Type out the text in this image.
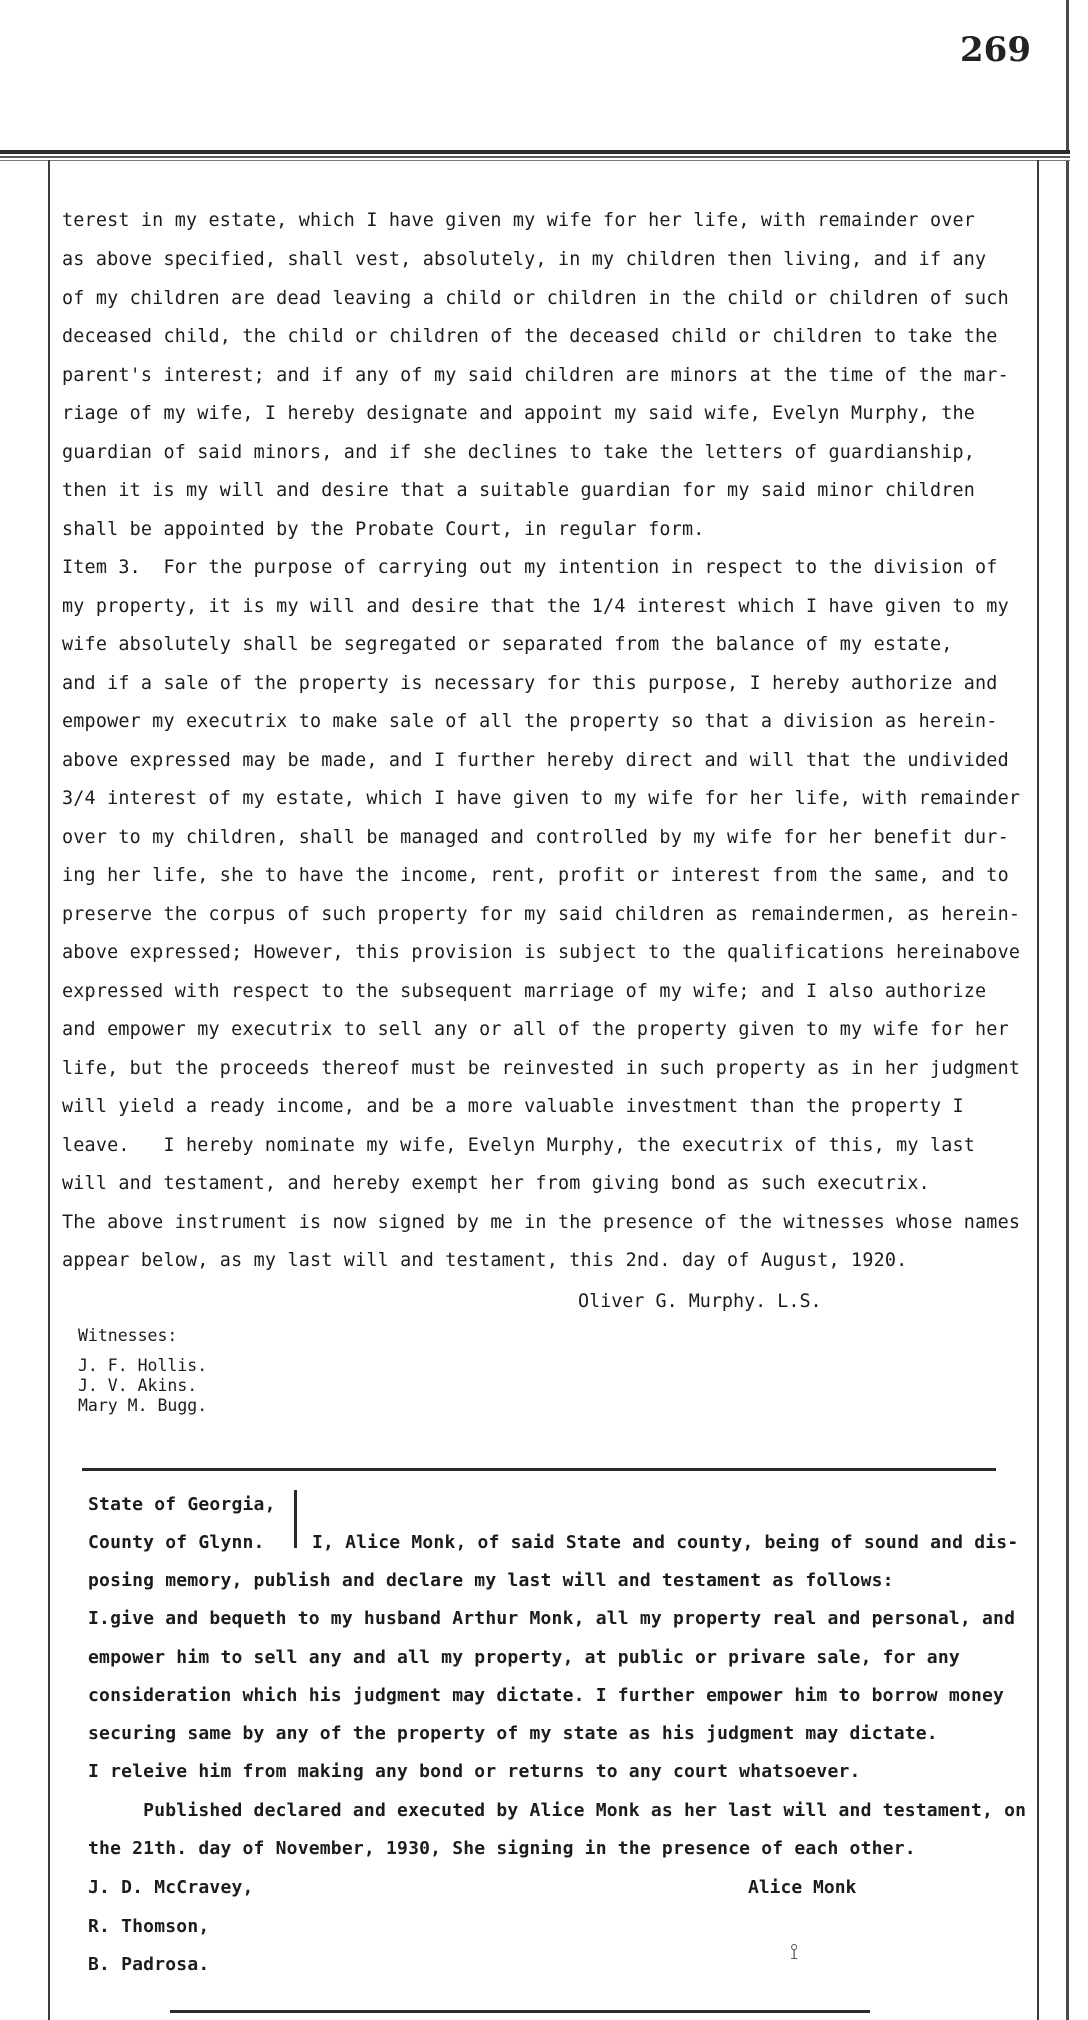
269
terest in my estate, which I have given my wife for her life, with remainder over
as above specified, shall vest, absolutely, in my children then living, and if any
of my children are dead leaving a child or children in the child or children of such
deceased child, the child or children of the deceased child or children to take the
parent's interest; and if any of my said children are minors at the time of the mar-
riage of my wife, I hereby designate and appoint my said wife, Evelyn Murphy, the
guardian of said minors, and if she declines to take the letters of guardianship,
then it is my will and desire that a suitable guardian for my said minor children
shall be appointed by the Probate Court, in regular form.
Item 3.  For the purpose of carrying out my intention in respect to the division of
my property, it is my will and desire that the 1/4 interest which I have given to my
wife absolutely shall be segregated or separated from the balance of my estate,
and if a sale of the property is necessary for this purpose, I hereby authorize and
empower my executrix to make sale of all the property so that a division as herein-
above expressed may be made, and I further hereby direct and will that the undivided
3/4 interest of my estate, which I have given to my wife for her life, with remainder
over to my children, shall be managed and controlled by my wife for her benefit dur-
ing her life, she to have the income, rent, profit or interest from the same, and to
preserve the corpus of such property for my said children as remaindermen, as herein-
above expressed; However, this provision is subject to the qualifications hereinabove
expressed with respect to the subsequent marriage of my wife; and I also authorize
and empower my executrix to sell any or all of the property given to my wife for her
life, but the proceeds thereof must be reinvested in such property as in her judgment
will yield a ready income, and be a more valuable investment than the property I
leave.   I hereby nominate my wife, Evelyn Murphy, the executrix of this, my last
will and testament, and hereby exempt her from giving bond as such executrix.
The above instrument is now signed by me in the presence of the witnesses whose names
appear below, as my last will and testament, this 2nd. day of August, 1920.
Oliver G. Murphy. L.S.
Witnesses:
J. F. Hollis.
J. V. Akins.
Mary M. Bugg.
State of Georgia,
County of Glynn.	I, Alice Monk, of said State and county, being of sound and dis-
posing memory, publish and declare my last will and testament as follows:
I.give and bequeth to my husband Arthur Monk, all my property real and personal, and
empower him to sell any and all my property, at public or privare sale, for any
consideration which his judgment may dictate. I further empower him to borrow money
securing same by any of the property of my state as his judgment may dictate.
I releive him from making any bond or returns to any court whatsoever.
Published declared and executed by Alice Monk as her last will and testament, on
the 21th. day of November, 1930, She signing in the presence of each other.
J. D. McCravey,
R. Thomson,
B. Padrosa.
Alice Monk
⟟
